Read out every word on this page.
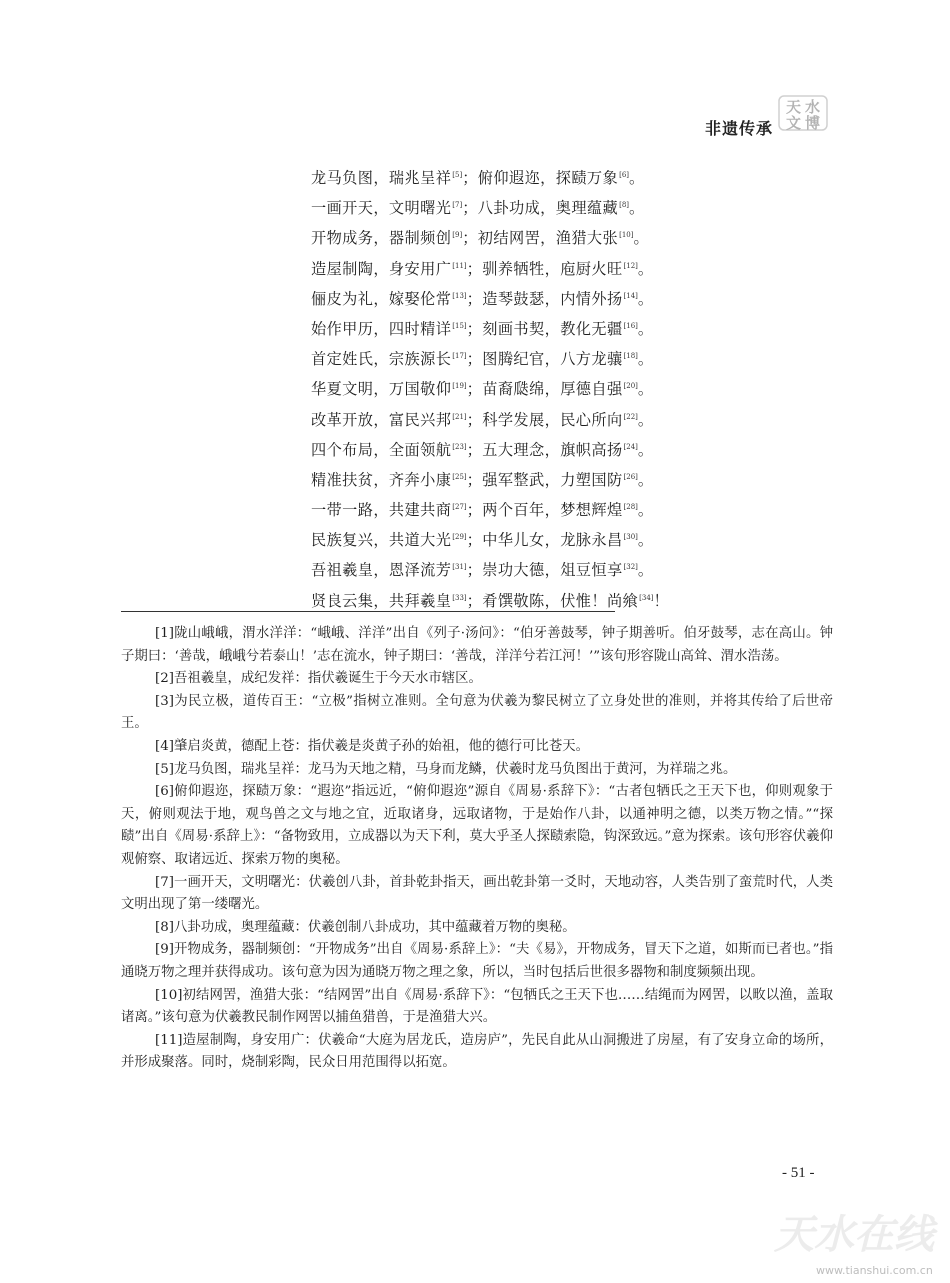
天 水
文 博
非遗传承
龙马负图，瑞兆呈祥[5]；俯仰遐迩，探赜万象[6]。
一画开天，文明曙光[7]；八卦功成，奥理蕴藏[8]。
开物成务，器制频创[9]；初结网罟，渔猎大张[10]。
造屋制陶，身安用广[11]；驯养牺牲，庖厨火旺[12]。
俪皮为礼，嫁娶伦常[13]；造琴鼓瑟，内情外扬[14]。
始作甲历，四时精详[15]；刻画书契，教化无疆[16]。
首定姓氏，宗族源长[17]；图腾纪官，八方龙骧[18]。
华夏文明，万国敬仰[19]；苗裔瓞绵，厚德自强[20]。
改革开放，富民兴邦[21]；科学发展，民心所向[22]。
四个布局，全面领航[23]；五大理念，旗帜高扬[24]。
精准扶贫，齐奔小康[25]；强军整武，力塑国防[26]。
一带一路，共建共商[27]；两个百年，梦想辉煌[28]。
民族复兴，共道大光[29]；中华儿女，龙脉永昌[30]。
吾祖羲皇，恩泽流芳[31]；崇功大德，俎豆恒享[32]。
贤良云集，共拜羲皇[33]；肴馔敬陈，伏惟！尚飨[34]！

[1]陇山峨峨，渭水洋洋：“峨峨、洋洋”出自《列子·汤问》：“伯牙善鼓琴，钟子期善听。伯牙鼓琴，志在高山。钟子期曰：‘善哉，峨峨兮若泰山！’志在流水，钟子期曰：‘善哉，洋洋兮若江河！’”该句形容陇山高耸、渭水浩荡。

[2]吾祖羲皇，成纪发祥：指伏羲诞生于今天水市辖区。

[3]为民立极，道传百王：“立极”指树立准则。全句意为伏羲为黎民树立了立身处世的准则，并将其传给了后世帝王。

[4]肇启炎黄，德配上苍：指伏羲是炎黄子孙的始祖，他的德行可比苍天。

[5]龙马负图，瑞兆呈祥：龙马为天地之精，马身而龙鳞，伏羲时龙马负图出于黄河，为祥瑞之兆。

[6]俯仰遐迩，探赜万象：“遐迩”指远近，“俯仰遐迩”源自《周易·系辞下》：“古者包牺氏之王天下也，仰则观象于天，俯则观法于地，观鸟兽之文与地之宜，近取诸身，远取诸物，于是始作八卦，以通神明之德，以类万物之情。”“探赜”出自《周易·系辞上》：“备物致用，立成器以为天下利，莫大乎圣人探赜索隐，钩深致远。”意为探索。该句形容伏羲仰观俯察、取诸远近、探索万物的奥秘。

[7]一画开天，文明曙光：伏羲创八卦，首卦乾卦指天，画出乾卦第一爻时，天地动容，人类告别了蛮荒时代，人类文明出现了第一缕曙光。

[8]八卦功成，奥理蕴藏：伏羲创制八卦成功，其中蕴藏着万物的奥秘。

[9]开物成务，器制频创：“开物成务”出自《周易·系辞上》：“夫《易》，开物成务，冒天下之道，如斯而已者也。”指通晓万物之理并获得成功。该句意为因为通晓万物之理之象，所以，当时包括后世很多器物和制度频频出现。

[10]初结网罟，渔猎大张：“结网罟”出自《周易·系辞下》：“包牺氏之王天下也……结绳而为网罟，以畋以渔，盖取诸离。”该句意为伏羲教民制作网罟以捕鱼猎兽，于是渔猎大兴。

[11]造屋制陶，身安用广：伏羲命“大庭为居龙氏，造房庐”，先民自此从山洞搬进了房屋，有了安身立命的场所，并形成聚落。同时，烧制彩陶，民众日用范围得以拓宽。

- 51 -
天水在线
www.tianshui.com.cn
